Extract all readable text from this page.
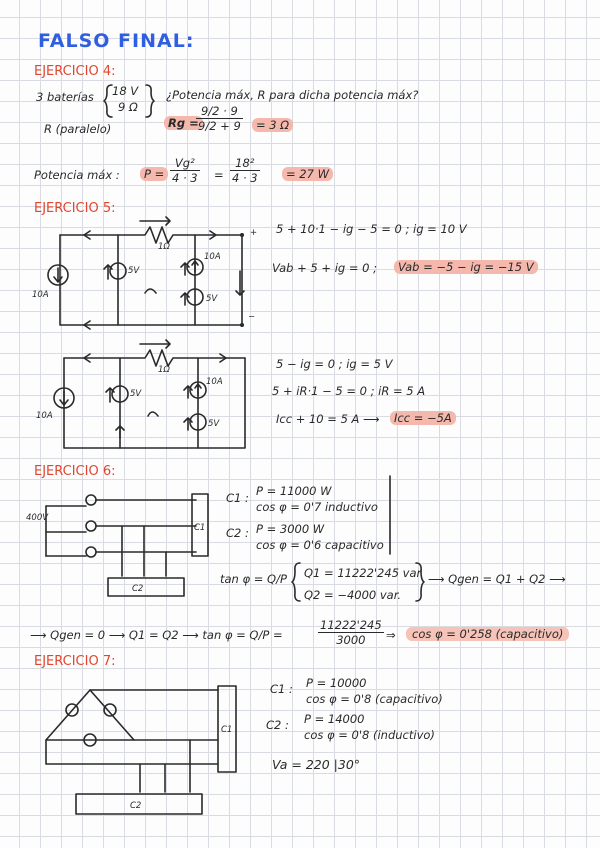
FALSO FINAL:
EJERCICIO 4:
3 baterías 18 V
9 Ω
R (paralelo)
¿Potencia máx, R para dicha potencia máx?
Rg =
$\frac{9/2 \cdot 9}{9/2 + 9}$	= 3 Ω
Potencia máx :	$P = \frac{\text{Vg²}}{4 \cdot 3} = \frac{\text{18²}}{4 \cdot 3}$	= 27 W
EJERCICIO 5:
1Ω
10A
5V
5V
10A
+
−
5 + 10·1 − ig − 5 = 0 ; ig = 10 V
Vab + 5 + ig = 0 ;	Vab = −5 − ig = −15 V
1Ω
10A
5V
5V
10A
5 − ig = 0 ; ig = 5 V
5 + iR·1 − 5 = 0 ; iR = 5 A
Icc + 10 = 5 A ⟶	Icc = −5A
EJERCICIO 6:
400V
C1
C2
C1 : P = 11000 W
cos φ = 0'7 inductivo
C2 : P = 3000 W
cos φ = 0'6 capacitivo
tan φ = Q/P Q1 = 11222'245 var
Q2 = −4000 var.
⟶ Qgen = Q1 + Q2 ⟶
⟶ Qgen = 0 ⟶ Q1 = Q2 ⟶ tan φ = Q/P =	$\frac{11222'245}{3000}$ ⇒	cos φ = 0'258 (capacitivo)
EJERCICIO 7:
C1
C2
C1 : P = 10000
cos φ = 0'8 (capacitivo)
C2 : P = 14000
cos φ = 0'8 (inductivo)
Va = 220 |30°
